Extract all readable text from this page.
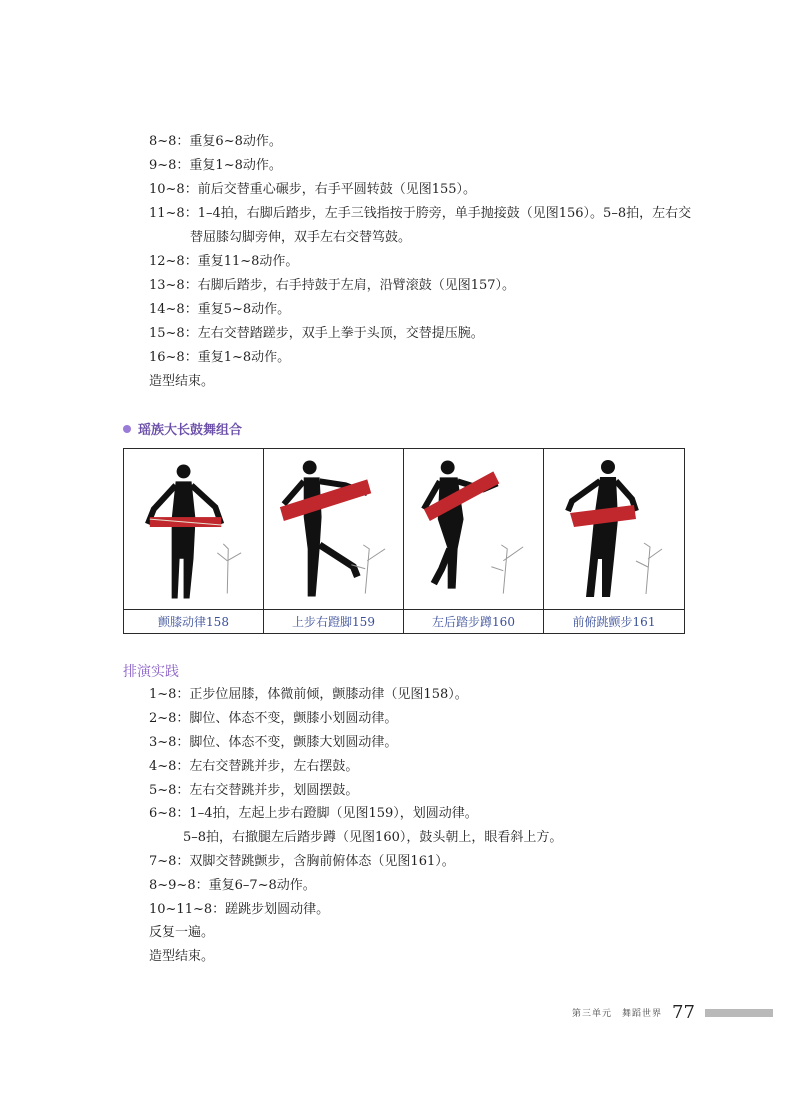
8~8：重复6~8动作。
9~8：重复1~8动作。
10~8：前后交替重心碾步，右手平圆转鼓（见图155）。
11~8：1–4拍，右脚后踏步，左手三钱指按于胯旁，单手抛接鼓（见图156）。5–8拍，左右交
替屈膝勾脚旁伸，双手左右交替笃鼓。
12~8：重复11~8动作。
13~8：右脚后踏步，右手持鼓于左肩，沿臂滚鼓（见图157）。
14~8：重复5~8动作。
15~8：左右交替踏蹉步，双手上拳于头顶，交替提压腕。
16~8：重复1~8动作。
造型结束。
瑶族大长鼓舞组合
颤膝动律158	上步右蹬脚159	左后踏步蹲160	前俯跳颤步161
排演实践
1~8：正步位屈膝，体微前倾，颤膝动律（见图158）。
2~8：脚位、体态不变，颤膝小划圆动律。
3~8：脚位、体态不变，颤膝大划圆动律。
4~8：左右交替跳并步，左右摆鼓。
5~8：左右交替跳并步，划圆摆鼓。
6~8：1–4拍，左起上步右蹬脚（见图159），划圆动律。
5–8拍，右撤腿左后踏步蹲（见图160），鼓头朝上，眼看斜上方。
7~8：双脚交替跳颤步，含胸前俯体态（见图161）。
8~9~8：重复6–7~8动作。
10~11~8：蹉跳步划圆动律。
反复一遍。
造型结束。
第三单元　舞蹈世界 77
